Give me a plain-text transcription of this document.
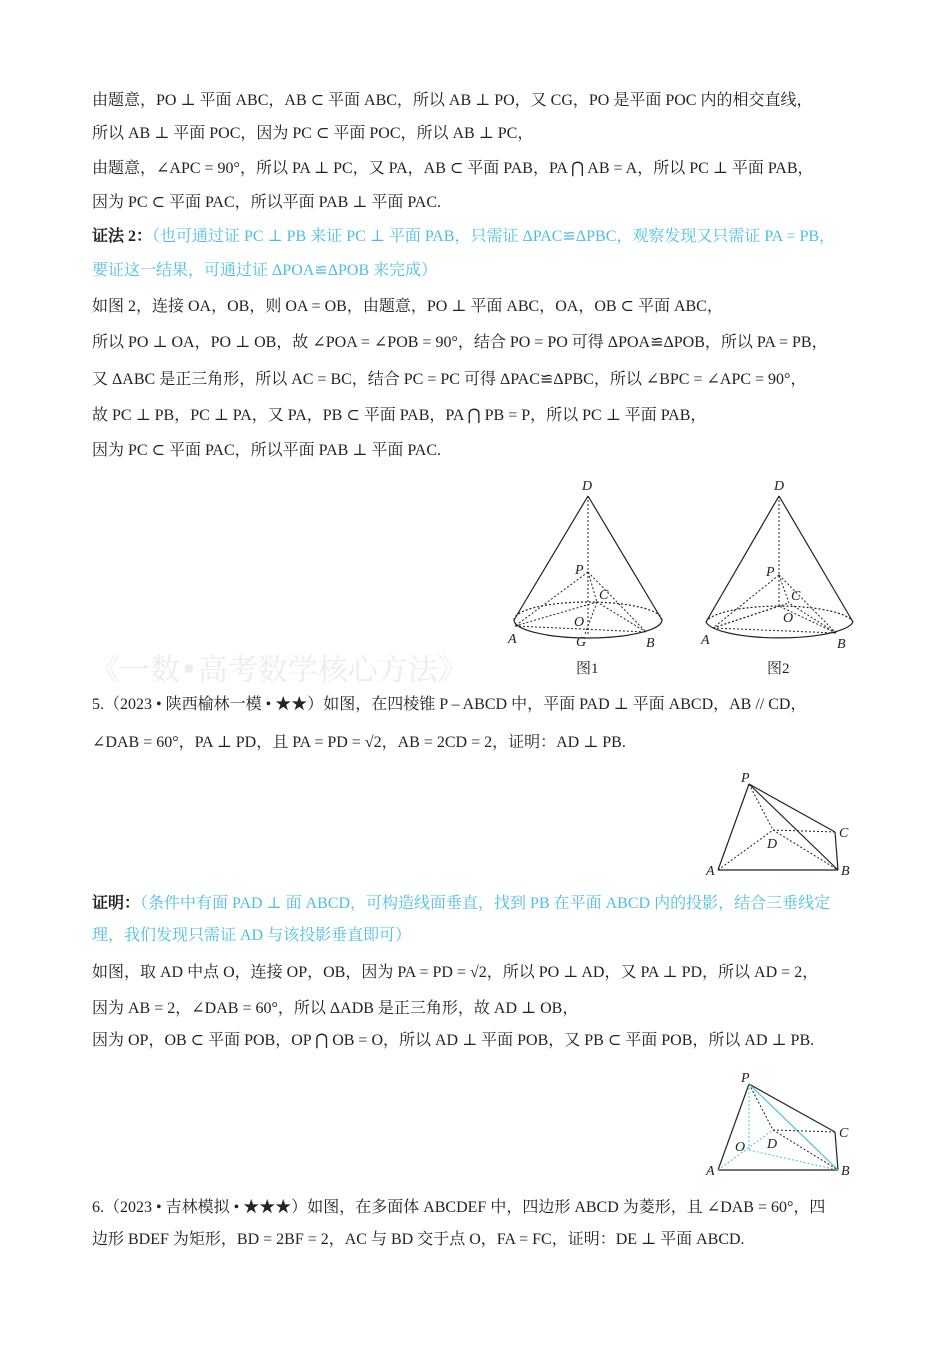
《一数•高考数学核心方法》
由题意，PO ⊥ 平面 ABC，AB ⊂ 平面 ABC，所以 AB ⊥ PO，又 CG，PO 是平面 POC 内的相交直线，
所以 AB ⊥ 平面 POC，因为 PC ⊂ 平面 POC，所以 AB ⊥ PC，
由题意，∠APC = 90°，所以 PA ⊥ PC，又 PA，AB ⊂ 平面 PAB，PA ⋂ AB = A，所以 PC ⊥ 平面 PAB，
因为 PC ⊂ 平面 PAC，所以平面 PAB ⊥ 平面 PAC.
证法 2：（也可通过证 PC ⊥ PB 来证 PC ⊥ 平面 PAB，只需证 ΔPAC≌ΔPBC，观察发现又只需证 PA = PB，
要证这一结果，可通过证 ΔPOA≌ΔPOB 来完成）
如图 2，连接 OA，OB，则 OA = OB，由题意，PO ⊥ 平面 ABC，OA，OB ⊂ 平面 ABC，
所以 PO ⊥ OA，PO ⊥ OB，故 ∠POA = ∠POB = 90°，结合 PO = PO 可得 ΔPOA≌ΔPOB，所以 PA = PB，
又 ΔABC 是正三角形，所以 AC = BC，结合 PC = PC 可得 ΔPAC≌ΔPBC，所以 ∠BPC = ∠APC = 90°，
故 PC ⊥ PB，PC ⊥ PA，又 PA，PB ⊂ 平面 PAB，PA ⋂ PB = P，所以 PC ⊥ 平面 PAB，
因为 PC ⊂ 平面 PAC，所以平面 PAB ⊥ 平面 PAC.
5.（2023 • 陕西榆林一模 • ★★）如图，在四棱锥 P – ABCD 中，平面 PAD ⊥ 平面 ABCD，AB // CD，
∠DAB = 60°，PA ⊥ PD，且 PA = PD = √2，AB = 2CD = 2，证明：AD ⊥ PB.
证明：（条件中有面 PAD ⊥ 面 ABCD，可构造线面垂直，找到 PB 在平面 ABCD 内的投影，结合三垂线定
理，我们发现只需证 AD 与该投影垂直即可）
如图，取 AD 中点 O，连接 OP，OB，因为 PA = PD = √2，所以 PO ⊥ AD，又 PA ⊥ PD，所以 AD = 2，
因为 AB = 2，∠DAB = 60°，所以 ΔADB 是正三角形，故 AD ⊥ OB，
因为 OP，OB ⊂ 平面 POB，OP ⋂ OB = O，所以 AD ⊥ 平面 POB，又 PB ⊂ 平面 POB，所以 AD ⊥ PB.
6.（2023 • 吉林模拟 • ★★★）如图，在多面体 ABCDEF 中，四边形 ABCD 为菱形，且 ∠DAB = 60°，四
边形 BDEF 为矩形，BD = 2BF = 2，AC 与 BD 交于点 O，FA = FC，证明：DE ⊥ 平面 ABCD.
D
P
C
O
G
A	B
图1
D
P
C
O
A	B
图2
P
C
D
A	B
P
C
D
O
A	B
